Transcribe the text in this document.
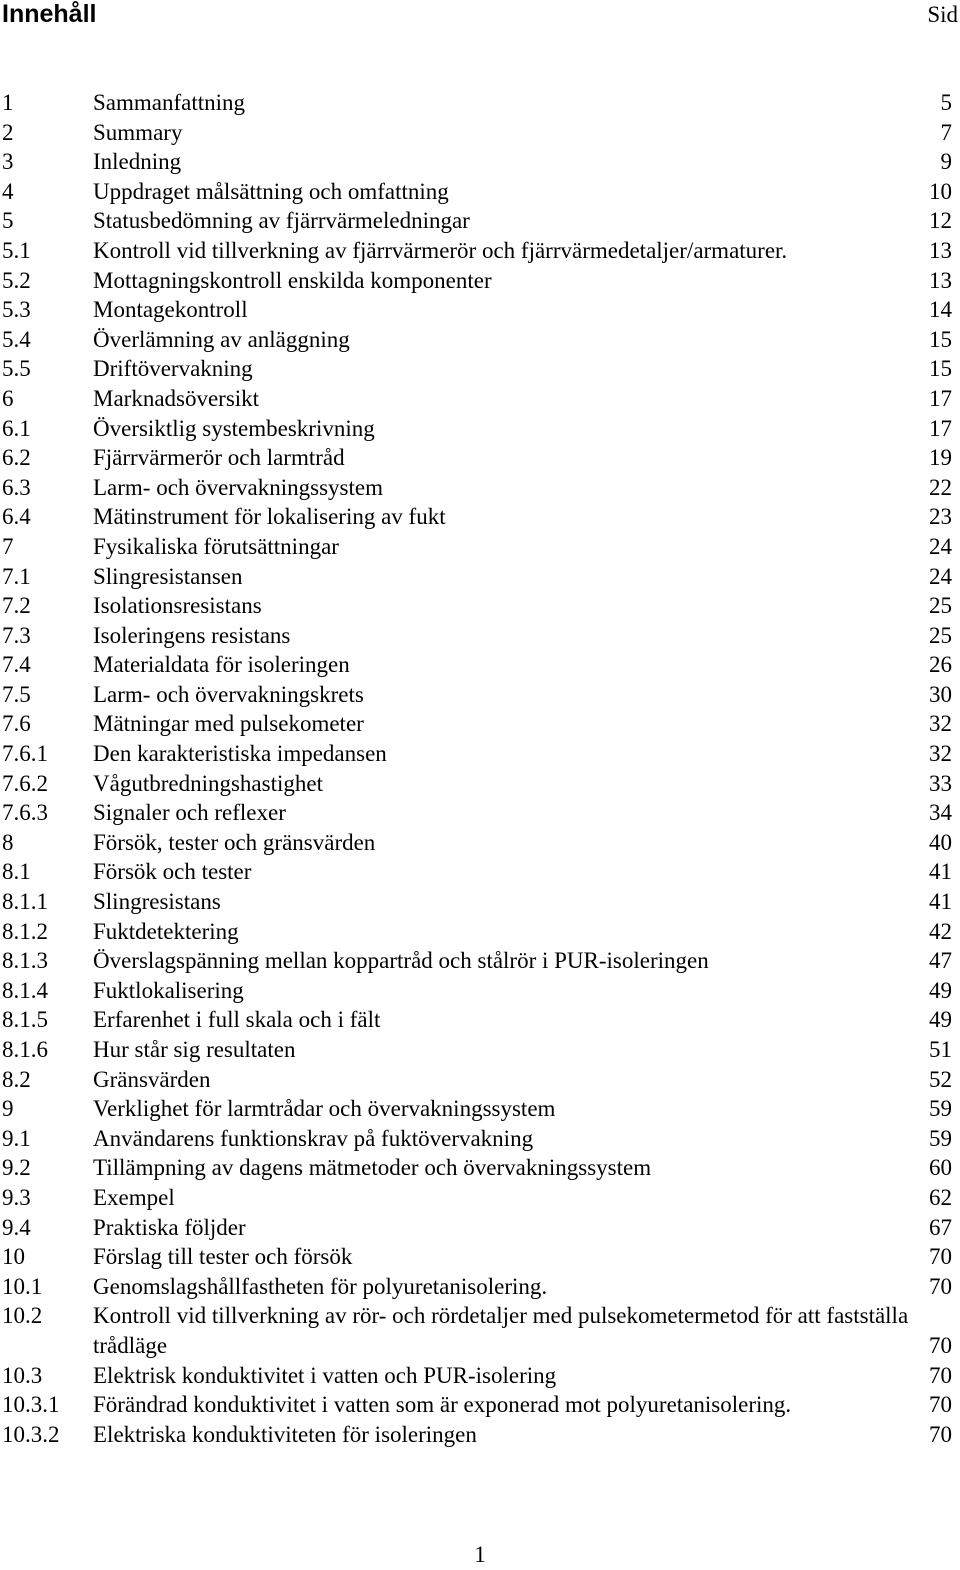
Innehåll	Sid
1	Sammanfattning	5
2	Summary	7
3	Inledning	9
4	Uppdraget målsättning och omfattning	10
5	Statusbedömning av fjärrvärmeledningar	12
5.1	Kontroll vid tillverkning av fjärrvärmerör och fjärrvärmedetaljer/armaturer.	13
5.2	Mottagningskontroll enskilda komponenter	13
5.3	Montagekontroll	14
5.4	Överlämning av anläggning	15
5.5	Driftövervakning	15
6	Marknadsöversikt	17
6.1	Översiktlig systembeskrivning	17
6.2	Fjärrvärmerör och larmtråd	19
6.3	Larm- och övervakningssystem	22
6.4	Mätinstrument för lokalisering av fukt	23
7	Fysikaliska förutsättningar	24
7.1	Slingresistansen	24
7.2	Isolationsresistans	25
7.3	Isoleringens resistans	25
7.4	Materialdata för isoleringen	26
7.5	Larm- och övervakningskrets	30
7.6	Mätningar med pulsekometer	32
7.6.1 Den karakteristiska impedansen	32
7.6.2 Vågutbredningshastighet	33
7.6.3 Signaler och reflexer	34
8	Försök, tester och gränsvärden	40
8.1	Försök och tester	41
8.1.1 Slingresistans	41
8.1.2 Fuktdetektering	42
8.1.3 Överslagspänning mellan koppartråd och stålrör i PUR-isoleringen	47
8.1.4 Fuktlokalisering	49
8.1.5 Erfarenhet i full skala och i fält	49
8.1.6 Hur står sig resultaten	51
8.2	Gränsvärden	52
9	Verklighet för larmtrådar och övervakningssystem	59
9.1	Användarens funktionskrav på fuktövervakning	59
9.2	Tillämpning av dagens mätmetoder och övervakningssystem	60
9.3	Exempel	62
9.4	Praktiska följder	67
10	Förslag till tester och försök	70
10.1 Genomslagshållfastheten för polyuretanisolering.	70
10.2 Kontroll vid tillverkning av rör- och rördetaljer med pulsekometermetod för att fastställa trådläge	70
10.3 Elektrisk konduktivitet i vatten och PUR-isolering	70
10.3.1 Förändrad konduktivitet i vatten som är exponerad mot polyuretanisolering.	70
10.3.2 Elektriska konduktiviteten för isoleringen	70
1
